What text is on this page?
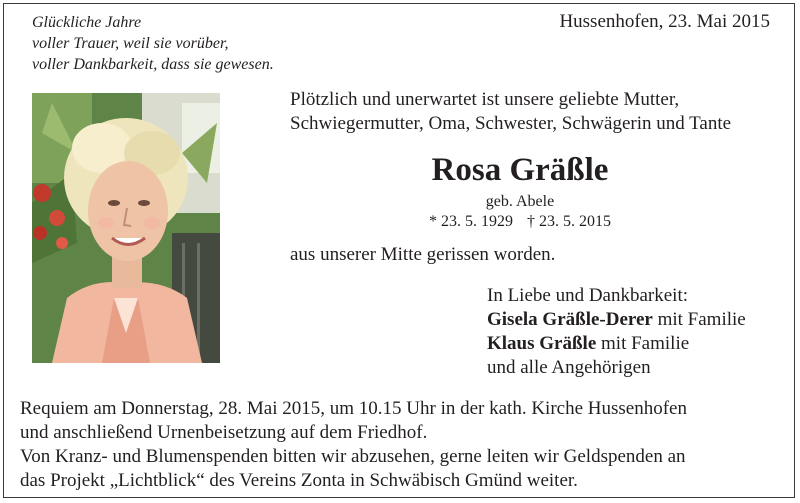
Glückliche Jahre
voller Trauer, weil sie vorüber,
voller Dankbarkeit, dass sie gewesen.
Hussenhofen, 23. Mai 2015
Plötzlich und unerwartet ist unsere geliebte Mutter,
Schwiegermutter, Oma, Schwester, Schwägerin und Tante
Rosa Gräßle
geb. Abele
* 23. 5. 1929 † 23. 5. 2015
aus unserer Mitte gerissen worden.
In Liebe und Dankbarkeit:
Gisela Gräßle-Derer mit Familie
Klaus Gräßle mit Familie
und alle Angehörigen
Requiem am Donnerstag, 28. Mai 2015, um 10.15 Uhr in der kath. Kirche Hussenhofen
und anschließend Urnenbeisetzung auf dem Friedhof.
Von Kranz- und Blumenspenden bitten wir abzusehen, gerne leiten wir Geldspenden an
das Projekt „Lichtblick“ des Vereins Zonta in Schwäbisch Gmünd weiter.
